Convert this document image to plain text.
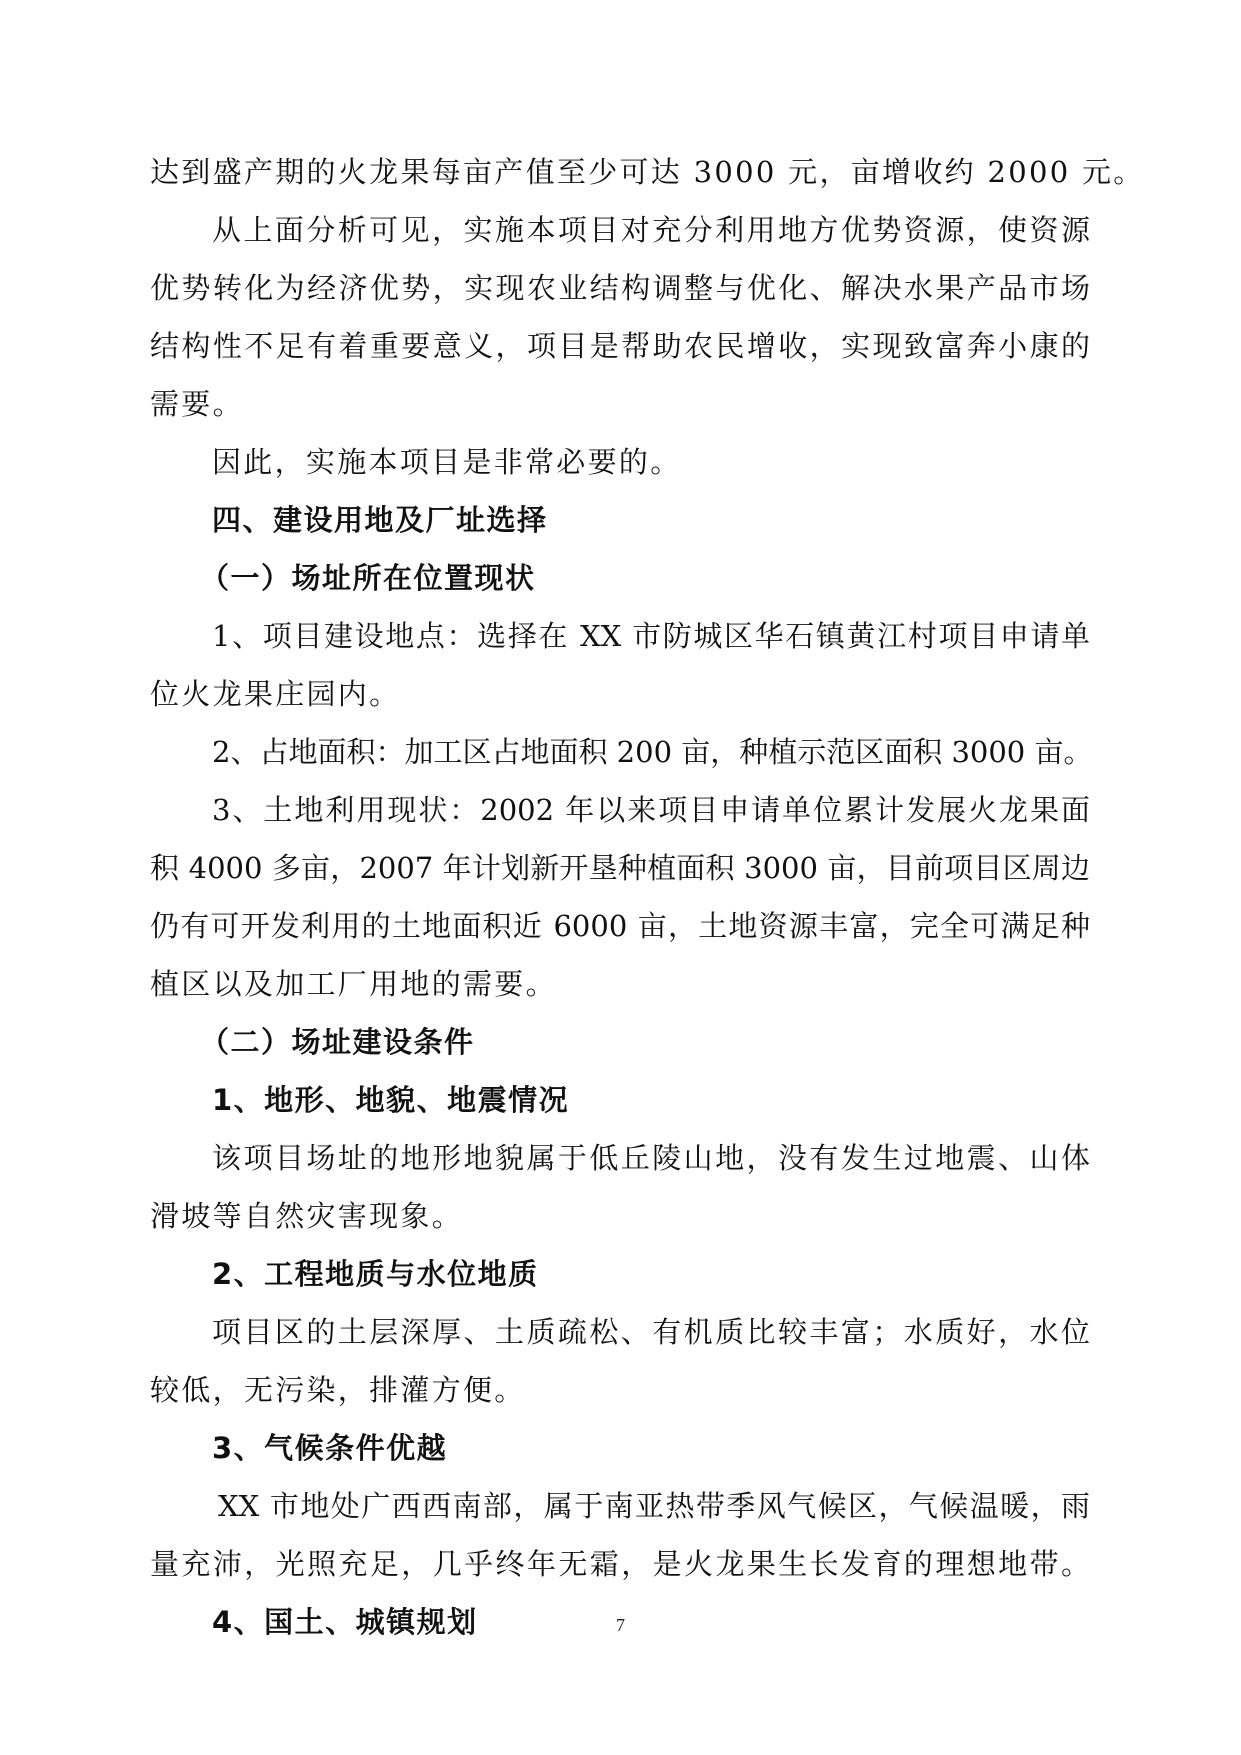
达到盛产期的火龙果每亩产值至少可达 3000 元，亩增收约 2000 元。
从上面分析可见，实施本项目对充分利用地方优势资源，使资源
优势转化为经济优势，实现农业结构调整与优化、解决水果产品市场
结构性不足有着重要意义，项目是帮助农民增收，实现致富奔小康的
需要。
因此，实施本项目是非常必要的。
四、建设用地及厂址选择
（一）场址所在位置现状
1、项目建设地点：选择在 XX 市防城区华石镇黄江村项目申请单
位火龙果庄园内。
2、占地面积：加工区占地面积 200 亩，种植示范区面积 3000 亩。
3、土地利用现状：2002 年以来项目申请单位累计发展火龙果面
积 4000 多亩，2007 年计划新开垦种植面积 3000 亩，目前项目区周边
仍有可开发利用的土地面积近 6000 亩，土地资源丰富，完全可满足种
植区以及加工厂用地的需要。
（二）场址建设条件
1、地形、地貌、地震情况
该项目场址的地形地貌属于低丘陵山地，没有发生过地震、山体
滑坡等自然灾害现象。
2、工程地质与水位地质
项目区的土层深厚、土质疏松、有机质比较丰富；水质好，水位
较低，无污染，排灌方便。
3、气候条件优越
XX 市地处广西西南部，属于南亚热带季风气候区，气候温暖，雨
量充沛，光照充足，几乎终年无霜，是火龙果生长发育的理想地带。
4、国土、城镇规划	7
